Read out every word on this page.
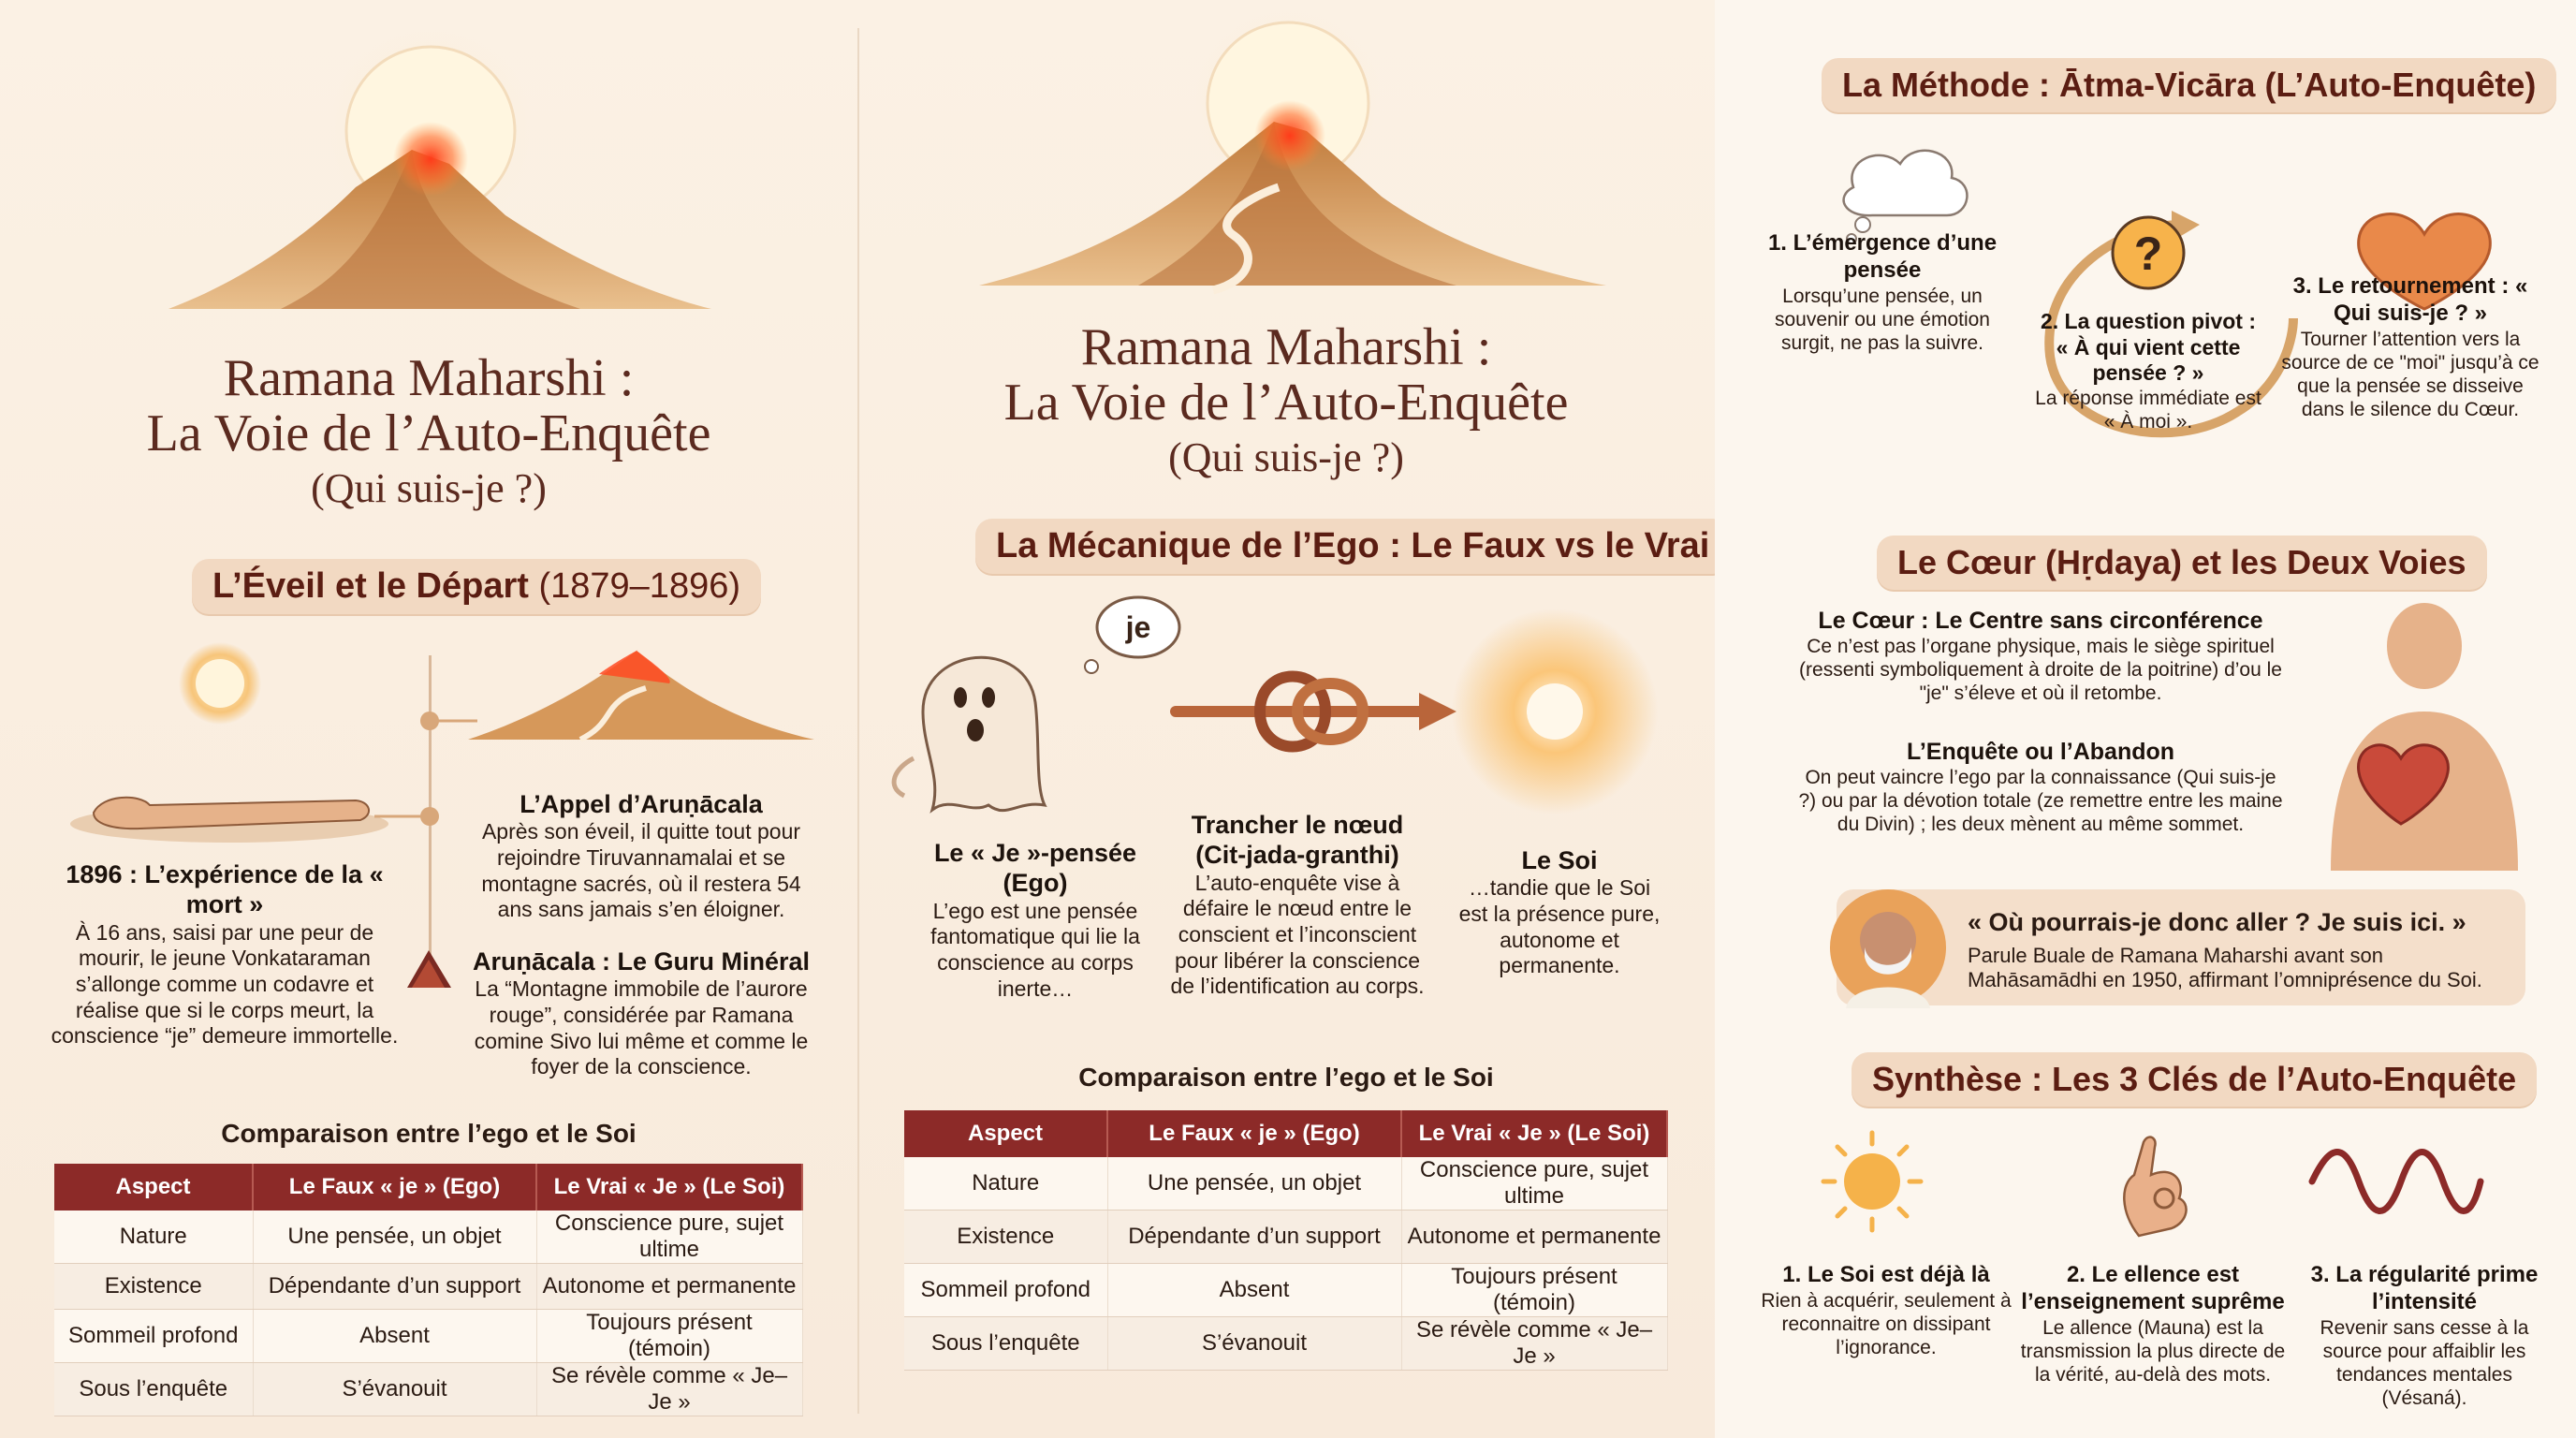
Ramana Maharshi :
La Voie de l’Auto-Enquête
(Qui suis-je ?)
L’Éveil et le Départ (1879–1896)
1896 : L’expérience de la « mort »
À 16 ans, saisi par une peur de mourir, le jeune Vonkataraman s’allonge comme un codavre et réalise que si le corps meurt, la conscience “je” demeure immortelle.
L’Appel d’Aruṇācala
Après son éveil, il quitte tout pour rejoindre Tiruvannamalai et se montagne sacrés, où il restera 54 ans sans jamais s’en éloigner.
Aruṇācala : Le Guru Minéral
La “Montagne immobile de l’aurore rouge”, considérée par Ramana comine Sivo lui même et comme le foyer de la conscience.
Comparaison entre l’ego et le Soi
Aspect	Le Faux « je » (Ego)	Le Vrai « Je » (Le Soi)
Nature	Une pensée, un objet	Conscience pure, sujet ultime
Existence	Dépendante d’un support	Autonome et permanente
Sommeil profond	Absent	Toujours présent (témoin)
Sous l’enquête	S’évanouit	Se révèle comme « Je–Je »
Ramana Maharshi :
La Voie de l’Auto-Enquête
(Qui suis-je ?)
La Mécanique de l’Ego : Le Faux vs le Vrai
je
Le « Je »-pensée (Ego)
L’ego est une pensée fantomatique qui lie la conscience au corps inerte…
Trancher le nœud (Cit-jada-granthi)
L’auto-enquête vise à défaire le nœud entre le conscient et l’inconscient pour libérer la conscience de l’identification au corps.
Le Soi
…tandie que le Soi est la présence pure, autonome et permanente.
Comparaison entre l’ego et le Soi
Aspect	Le Faux « je » (Ego)	Le Vrai « Je » (Le Soi)
Nature	Une pensée, un objet	Conscience pure, sujet ultime
Existence	Dépendante d’un support	Autonome et permanente
Sommeil profond	Absent	Toujours présent (témoin)
Sous l’enquête	S’évanouit	Se révèle comme « Je–Je »
La Méthode : Ātma-Vicāra (L’Auto-Enquête)
?
1. L’émergence d’une pensée
Lorsqu’une pensée, un souvenir ou une émotion surgit, ne pas la suivre.
2. La question pivot : « À qui vient cette pensée ? »
La réponse immédiate est « À moi ».
3. Le retournement : « Qui suis-je ? »
Tourner l’attention vers la source de ce "moi" jusqu’à ce que la pensée se disseive dans le silence du Cœur.
Le Cœur (Hṛdaya) et les Deux Voies
Le Cœur : Le Centre sans circonférence
Ce n’est pas l’organe physique, mais le siège spirituel (ressenti symboliquement à droite de la poitrine) d’ou le "je" s’éleve et où il retombe.
L’Enquête ou l’Abandon
On peut vaincre l’ego par la connaissance (Qui suis-je ?) ou par la dévotion totale (ze remettre entre les maine du Divin) ; les deux mènent au même sommet.
« Où pourrais-je donc aller ? Je suis ici. »
Parule Buale de Ramana Maharshi avant son Mahāsamādhi en 1950, affirmant l’omniprésence du Soi.
Synthèse : Les 3 Clés de l’Auto-Enquête
1. Le Soi est déjà là
Rien à acquérir, seulement à reconnaitre on dissipant l’ignorance.
2. Le ellence est l’enseignement suprême
Le allence (Mauna) est la transmission la plus directe de la vérité, au-delà des mots.
3. La régularité prime l’intensité
Revenir sans cesse à la source pour affaiblir les tendances mentales (Vésaná).
